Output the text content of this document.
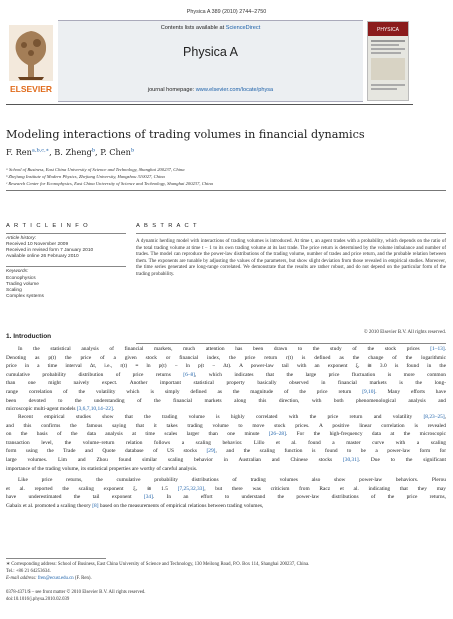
Physica A 389 (2010) 2744–2750
Contents lists available at ScienceDirect
Physica A
journal homepage: www.elsevier.com/locate/physa
ELSEVIER
PHYSICA
Modeling interactions of trading volumes in financial dynamics
F. Ren$^{a,b,c,∗}$, B. Zheng$^b$, P. Chen$^b$
ᵃ School of Business, East China University of Science and Technology, Shanghai 200237, China
ᵇ Zhejiang Institute of Modern Physics, Zhejiang University, Hangzhou 310027, China
ᶜ Research Center for Econophysics, East China University of Science and Technology, Shanghai 200237, China
A R T I C L E I N F O
Article history:
Received 10 November 2009
Received in revised form 7 January 2010
Available online 26 February 2010
Keywords:
Econophysics
Trading volume
Scaling
Complex systems
A B S T R A C T
A dynamic herding model with interactions of trading volumes is introduced. At time t, an agent trades with a probability, which depends on the ratio of the total trading volume at time t − 1 to its own trading volume at its last trade. The price return is determined by the volume imbalance and number of trades. The model can reproduce the power-law distributions of the trading volume, number of trades and price return, and the probable relation between them. The exponents are tunable by adjusting the values of the parameters, but show slight deviation from those revealed in empirical studies. Moreover, the time series generated are long-range correlated. We demonstrate that the results are rather robust, and do not depend on the particular form of the trading probability.
© 2010 Elsevier B.V. All rights reserved.
1. Introduction
In the statistical analysis of financial markets, much attention has been drawn to the study of the stock prices [1–13].
Denoting as p(t) the price of a given stock or financial index, the price return r(t) is defined as the change of the logarithmic
price in a time interval Δt, i.e., r(t) ≡ ln p(t) − ln p(t − Δt). A power-law tail with an exponent ξᵣ ≅ 3.0 is found in the
cumulative probability distribution of price returns [6–8], which indicates that the large price fluctuation is more common
than one might naively expect. Another important statistical property basically observed in financial markets is the long-
range correlation of the volatility which is simply defined as the magnitude of the price return [9,10]. Many efforts have
been devoted to the understanding of the financial markets along this direction, with both phenomenological analysis and
microscopic multi-agent models [3,6,7,10,14–22].
Recent empirical studies show that the trading volume is highly correlated with the price return and volatility [8,23–25],
and this confirms the famous saying that it takes trading volume to move stock prices. A positive linear correlation is revealed
on the basis of the data analysis at time scales larger than one minute [26–28]. For the high-frequency data at the microscopic
transaction level, the volume–return relation follows a scaling behavior. Lillo et al. found a master curve with a scaling
form using the Trade and Quote database of US stocks [29], and the scaling function is found to be a power-law form for
large volumes. Lim and Zhou found similar scaling behavior in Australian and Chinese stocks [30,31]. Due to the significant
importance of the trading volume, its statistical properties are worthy of careful analysis.
Like price returns, the cumulative probability distributions of trading volumes also show power-law behaviors. Plerou
et al. reported the scaling exponent ξᵥ ≅ 1.5 [7,25,32,33], but there was criticism from Racz et al. indicating that they may
have underestimated the tail exponent [34]. In an effort to understand the power-law distributions of the price returns,
Gabaix et al. promoted a scaling theory [8] based on the measurements of empirical relations between trading volumes,
∗ Corresponding address: School of Business, East China University of Science and Technology, 130 Meilong Road, P.O. Box 114, Shanghai 200237, China.
Tel.: +86 21 64253634.
E-mail address: fren@ecust.edu.cn (F. Ren).
0378-4371/$ – see front matter © 2010 Elsevier B.V. All rights reserved.
doi:10.1016/j.physa.2010.02.039
